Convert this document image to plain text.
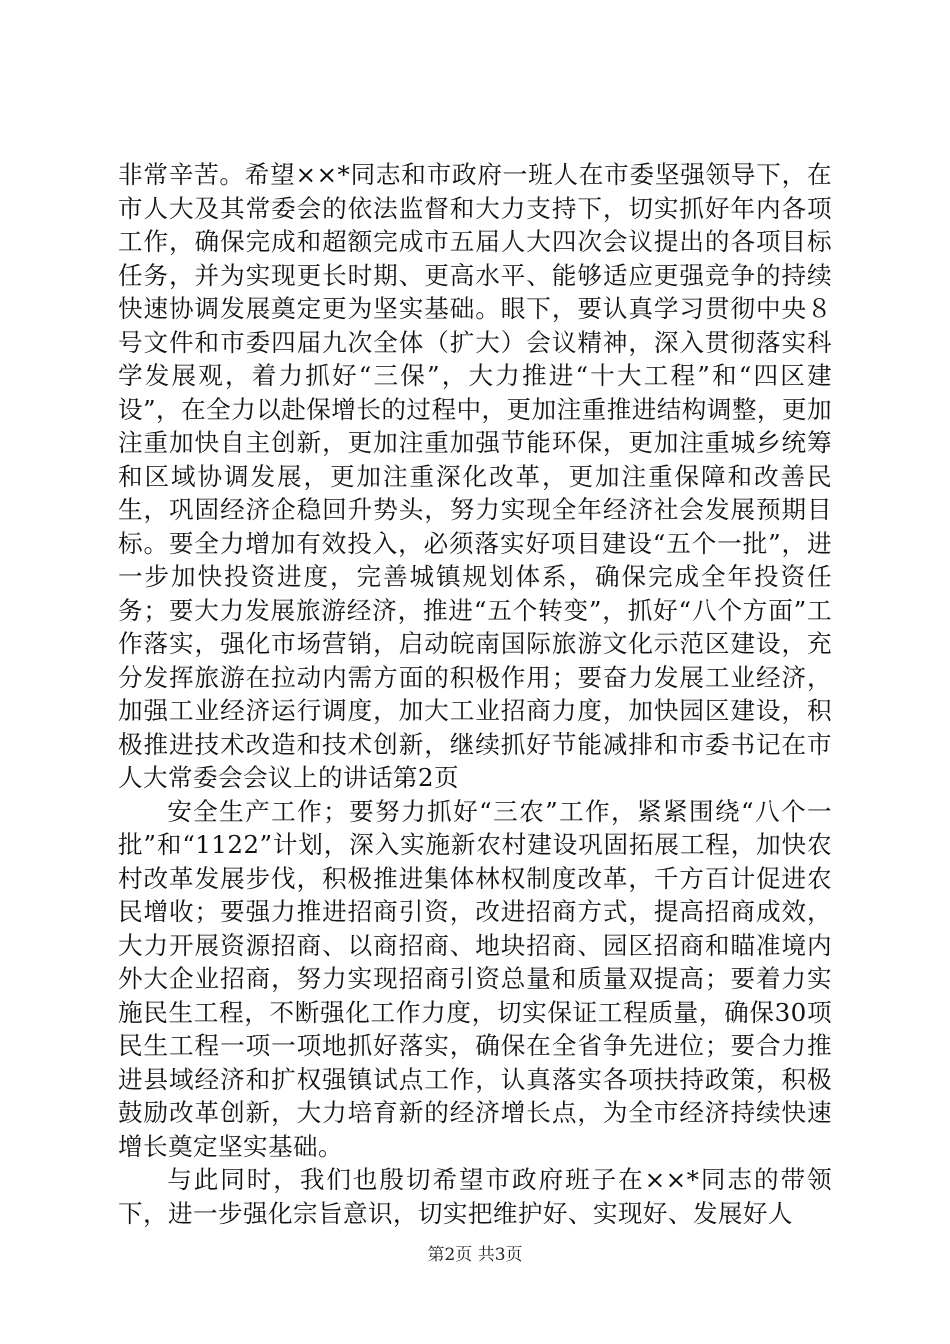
非常辛苦。希望××*同志和市政府一班人在市委坚强领导下，在市人大及其常委会的依法监督和大力支持下，切实抓好年内各项工作，确保完成和超额完成市五届人大四次会议提出的各项目标任务，并为实现更长时期、更高水平、能够适应更强竞争的持续快速协调发展奠定更为坚实基础。眼下，要认真学习贯彻中央８号文件和市委四届九次全体（扩大）会议精神，深入贯彻落实科学发展观，着力抓好“三保”，大力推进“十大工程”和“四区建设”，在全力以赴保增长的过程中，更加注重推进结构调整，更加注重加快自主创新，更加注重加强节能环保，更加注重城乡统筹和区域协调发展，更加注重深化改革，更加注重保障和改善民生，巩固经济企稳回升势头，努力实现全年经济社会发展预期目标。要全力增加有效投入，必须落实好项目建设“五个一批”，进一步加快投资进度，完善城镇规划体系，确保完成全年投资任务；要大力发展旅游经济，推进“五个转变”，抓好“八个方面”工作落实，强化市场营销，启动皖南国际旅游文化示范区建设，充分发挥旅游在拉动内需方面的积极作用；要奋力发展工业经济，加强工业经济运行调度，加大工业招商力度，加快园区建设，积极推进技术改造和技术创新，继续抓好节能减排和市委书记在市人大常委会会议上的讲话第2页

安全生产工作；要努力抓好“三农”工作，紧紧围绕“八个一批”和“1122”计划，深入实施新农村建设巩固拓展工程，加快农村改革发展步伐，积极推进集体林权制度改革，千方百计促进农民增收；要强力推进招商引资，改进招商方式，提高招商成效，大力开展资源招商、以商招商、地块招商、园区招商和瞄准境内外大企业招商，努力实现招商引资总量和质量双提高；要着力实施民生工程，不断强化工作力度，切实保证工程质量，确保30项民生工程一项一项地抓好落实，确保在全省争先进位；要合力推进县域经济和扩权强镇试点工作，认真落实各项扶持政策，积极鼓励改革创新，大力培育新的经济增长点，为全市经济持续快速增长奠定坚实基础。

与此同时，我们也殷切希望市政府班子在××*同志的带领下，进一步强化宗旨意识，切实把维护好、实现好、发展好人

第2页 共3页
